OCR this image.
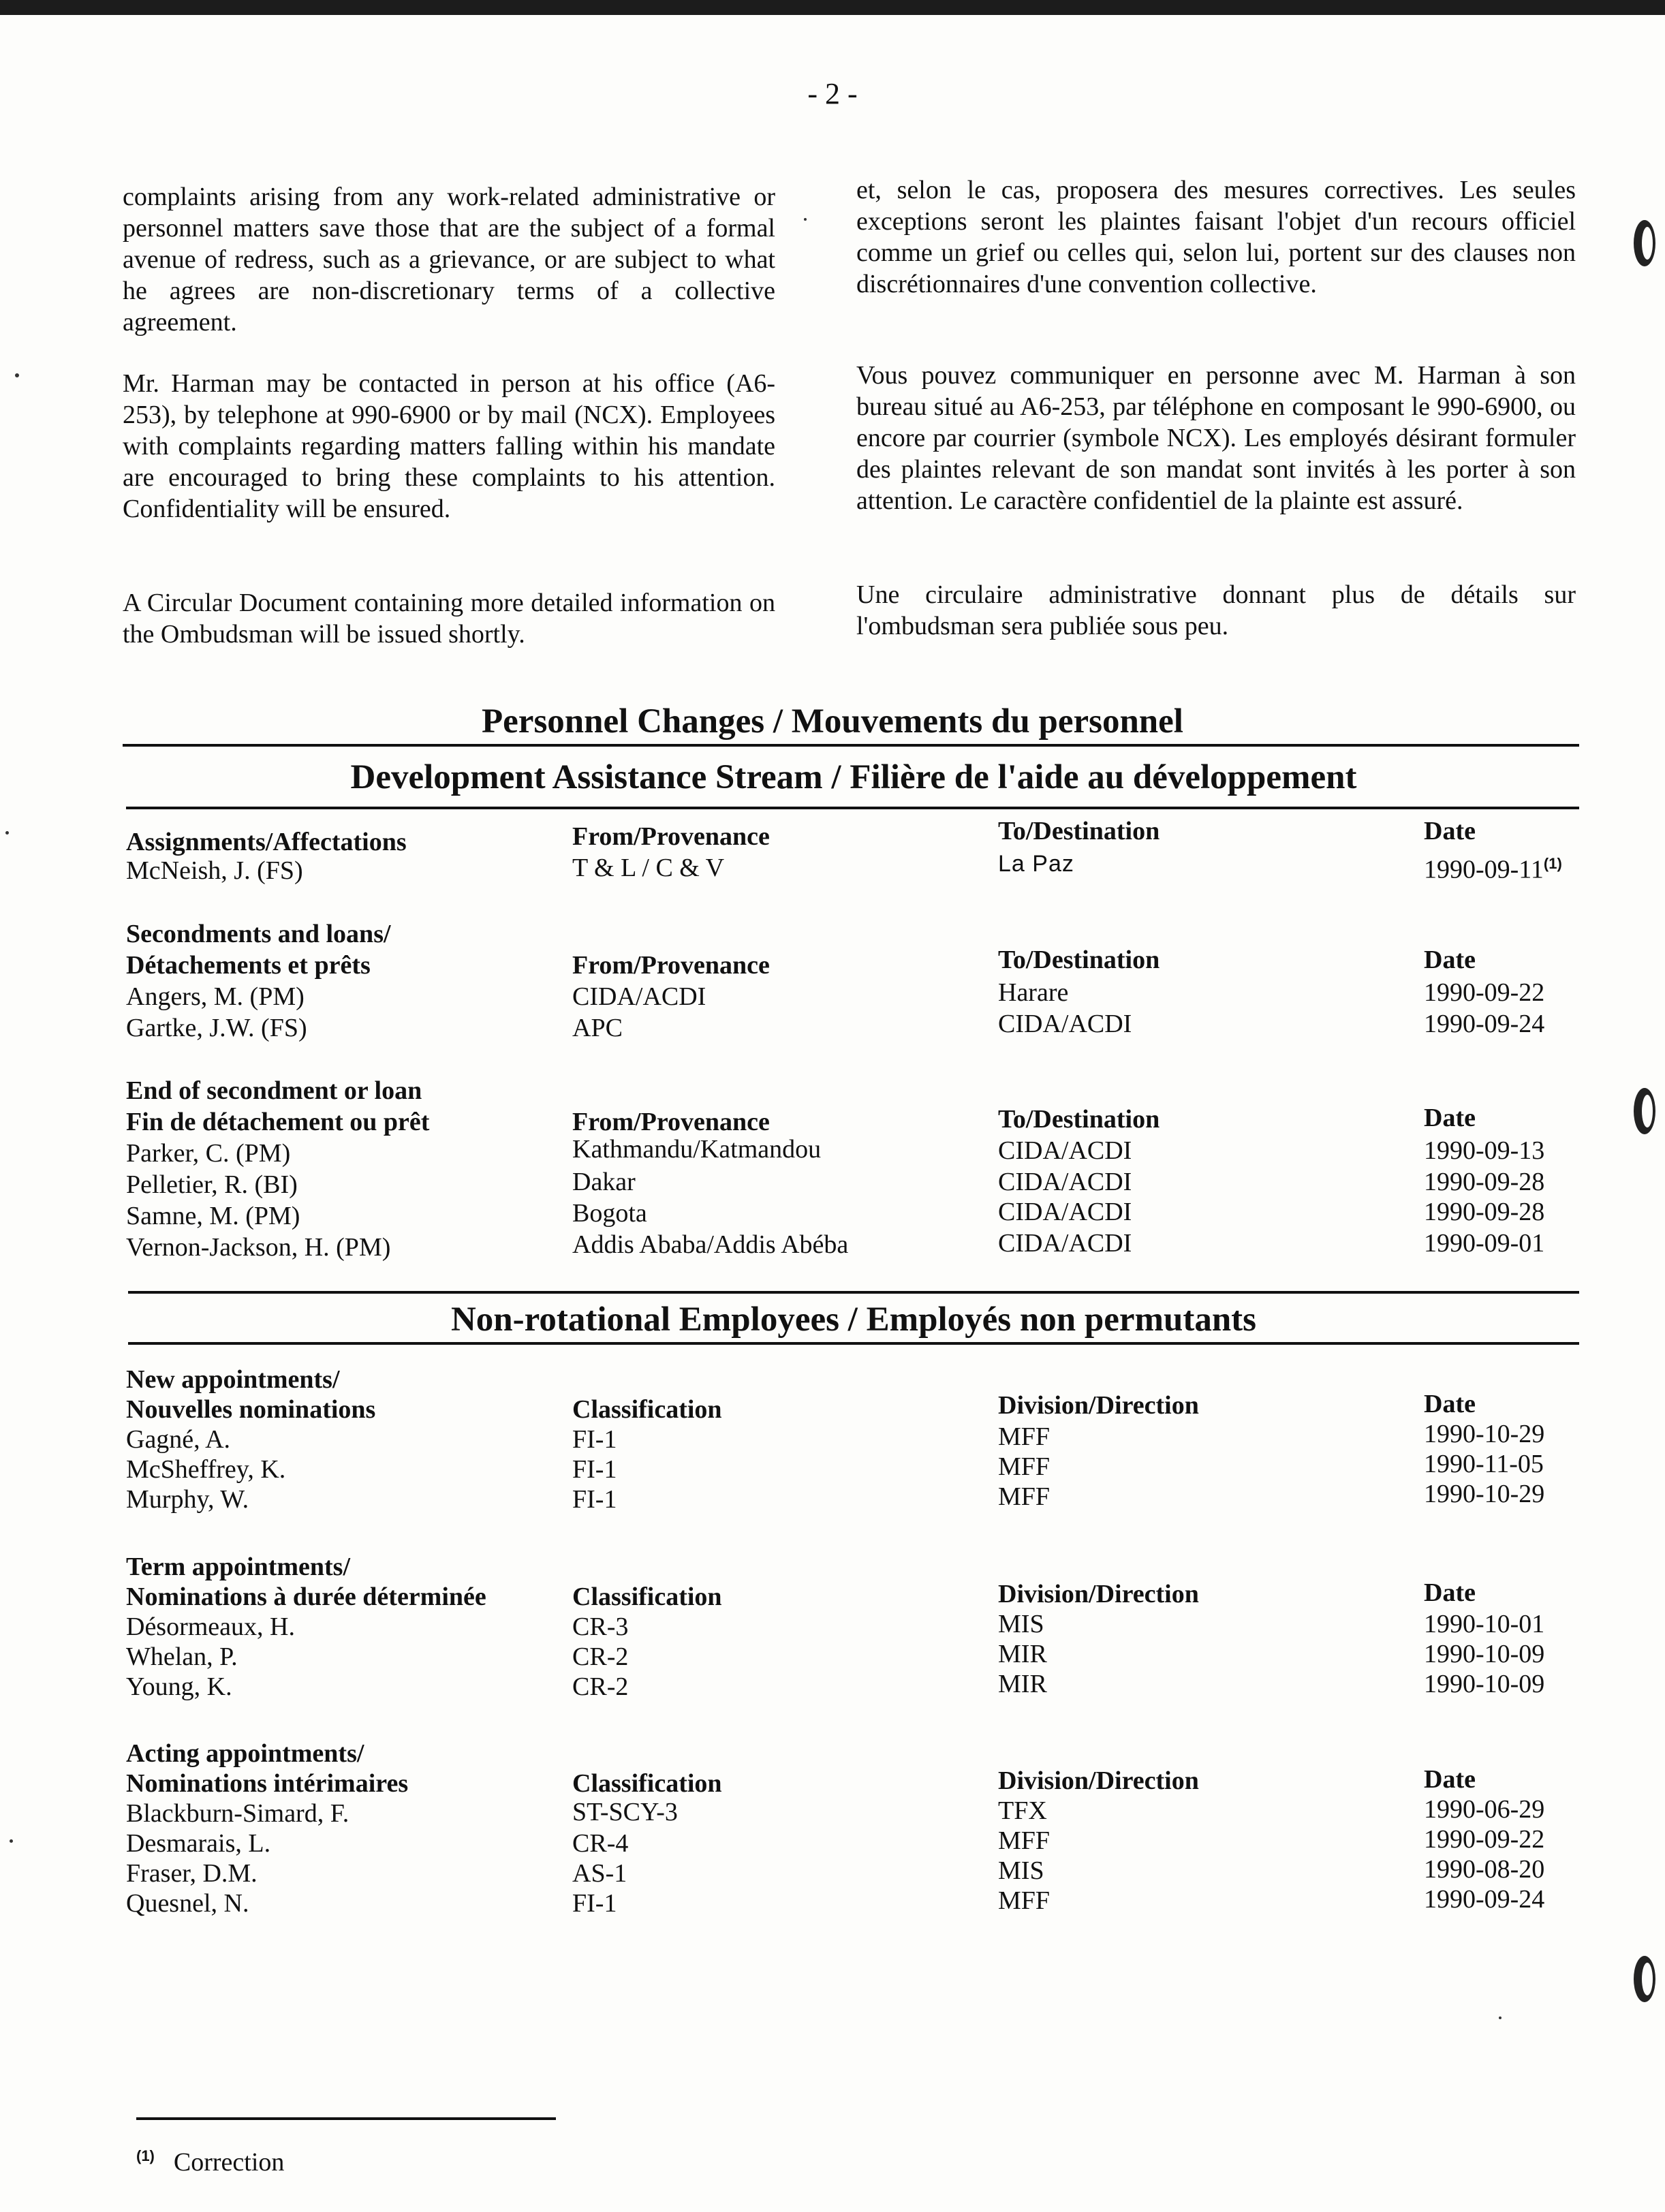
- 2 -

complaints arising from any work-related administrative or personnel matters save those that are the subject of a formal avenue of redress, such as a grievance, or are subject to what he agrees are non-discretionary terms of a collective agreement.

Mr. Harman may be contacted in person at his office (A6-253), by telephone at 990-6900 or by mail (NCX). Employees with complaints regarding matters falling within his mandate are encouraged to bring these complaints to his attention. Confidentiality will be ensured.

A Circular Document containing more detailed information on the Ombudsman will be issued shortly.

et, selon le cas, proposera des mesures correctives. Les seules exceptions seront les plaintes faisant l'objet d'un recours officiel comme un grief ou celles qui, selon lui, portent sur des clauses non discrétionnaires d'une convention collective.

Vous pouvez communiquer en personne avec M. Harman à son bureau situé au A6-253, par téléphone en composant le 990-6900, ou encore par courrier (symbole NCX). Les employés désirant formuler des plaintes relevant de son mandat sont invités à les porter à son attention. Le caractère confidentiel de la plainte est assuré.

Une circulaire administrative donnant plus de détails sur l'ombudsman sera publiée sous peu.

Personnel Changes / Mouvements du personnel
Development Assistance Stream / Filière de l'aide au développement
Assignments/Affectations	From/Provenance	To/Destination	Date
McNeish, J. (FS)	T & L / C & V	La Paz	1990-09-11$^{(1)}$
Secondments and loans/
Détachements et prêts	From/Provenance	To/Destination	Date
Angers, M. (PM)	CIDA/ACDI	Harare	1990-09-22
Gartke, J.W. (FS)	APC	CIDA/ACDI	1990-09-24
End of secondment or loan
Fin de détachement ou prêt	From/Provenance	To/Destination	Date
Parker, C. (PM)	Kathmandu/Katmandou	CIDA/ACDI	1990-09-13
Pelletier, R. (BI)	Dakar	CIDA/ACDI	1990-09-28
Samne, M. (PM)	Bogota	CIDA/ACDI	1990-09-28
Vernon-Jackson, H. (PM)	Addis Ababa/Addis Abéba	CIDA/ACDI	1990-09-01
Non-rotational Employees / Employés non permutants
New appointments/
Nouvelles nominations	Classification	Division/Direction	Date
Gagné, A.	FI-1	MFF	1990-10-29
McSheffrey, K.	FI-1	MFF	1990-11-05
Murphy, W.	FI-1	MFF	1990-10-29
Term appointments/
Nominations à durée déterminée	Classification	Division/Direction	Date
Désormeaux, H.	CR-3	MIS	1990-10-01
Whelan, P.	CR-2	MIR	1990-10-09
Young, K.	CR-2	MIR	1990-10-09
Acting appointments/
Nominations intérimaires	Classification	Division/Direction	Date
Blackburn-Simard, F.	ST-SCY-3	TFX	1990-06-29
Desmarais, L.	CR-4	MFF	1990-09-22
Fraser, D.M.	AS-1	MIS	1990-08-20
Quesnel, N.	FI-1	MFF	1990-09-24
$^{(1)}$ Correction
